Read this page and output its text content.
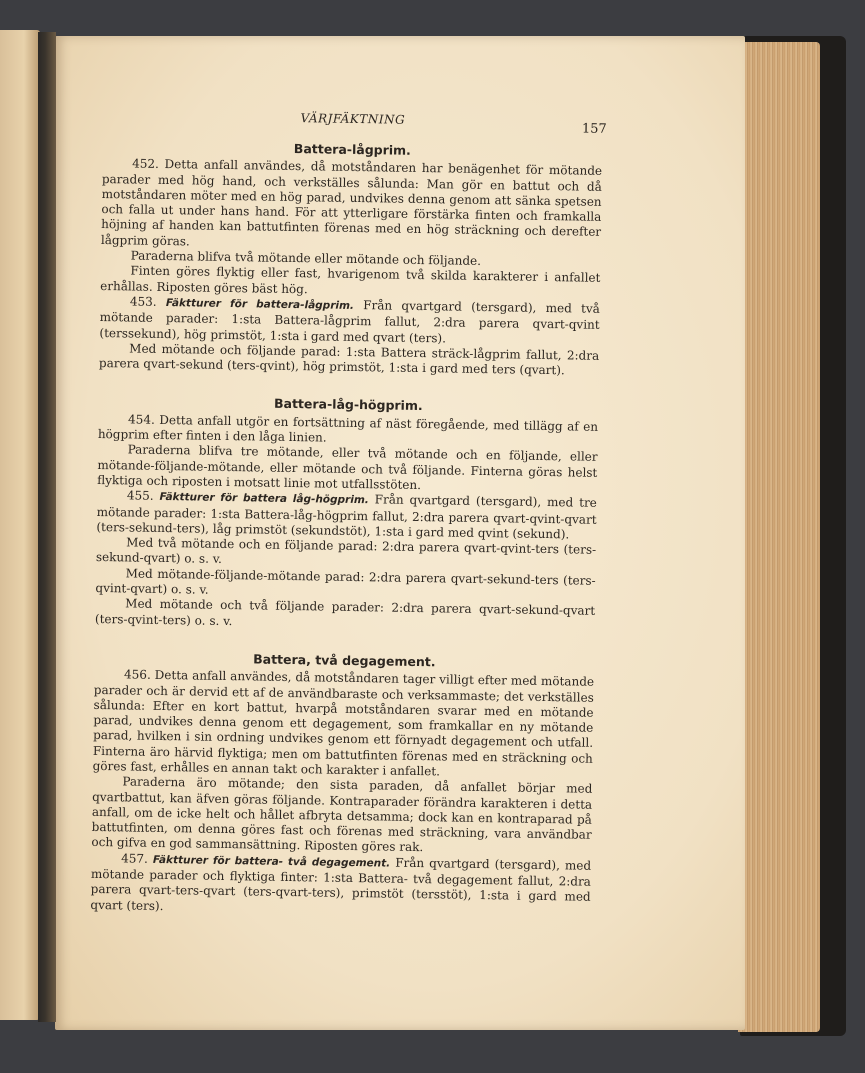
VÄRJFÄKTNING
157
Battera-lågprim.

452. Detta anfall användes, då motståndaren har benägenhet för mötande parader med hög hand, och verkställes sålunda: Man gör en battut och då motståndaren möter med en hög parad, undvikes denna genom att sänka spetsen och falla ut under hans hand. För att ytterligare förstärka finten och framkalla höjning af handen kan battutfinten förenas med en hög sträckning och derefter lågprim göras.

Paraderna blifva två mötande eller mötande och följande.

Finten göres flyktig eller fast, hvarigenom två skilda karakterer i anfallet erhållas. Riposten göres bäst hög.

453. Fäktturer för battera-lågprim. Från qvartgard (tersgard), med två mötande parader: 1:sta Battera-lågprim fallut, 2:dra parera qvart-qvint (terssekund), hög primstöt, 1:sta i gard med qvart (ters).

Med mötande och följande parad: 1:sta Battera sträck-lågprim fallut, 2:dra parera qvart-sekund (ters-qvint), hög primstöt, 1:sta i gard med ters (qvart).

Battera-låg-högprim.

454. Detta anfall utgör en fortsättning af näst föregående, med tillägg af en högprim efter finten i den låga linien.

Paraderna blifva tre mötande, eller två mötande och en följande, eller mötande-följande-mötande, eller mötande och två följande. Finterna göras helst flyktiga och riposten i motsatt linie mot utfallsstöten.

455. Fäktturer för battera låg-högprim. Från qvartgard (tersgard), med tre mötande parader: 1:sta Battera-låg-högprim fallut, 2:dra parera qvart-qvint-qvart (ters-sekund-ters), låg primstöt (sekundstöt), 1:sta i gard med qvint (sekund).

Med två mötande och en följande parad: 2:dra parera qvart-qvint-ters (ters-sekund-qvart) o. s. v.

Med mötande-följande-mötande parad: 2:dra parera qvart-sekund-ters (ters-qvint-qvart) o. s. v.

Med mötande och två följande parader: 2:dra parera qvart-sekund-qvart (ters-qvint-ters) o. s. v.

Battera, två degagement.

456. Detta anfall användes, då motståndaren tager villigt efter med mötande parader och är dervid ett af de användbaraste och verksammaste; det verkställes sålunda: Efter en kort battut, hvarpå motståndaren svarar med en mötande parad, undvikes denna genom ett degagement, som framkallar en ny mötande parad, hvilken i sin ordning undvikes genom ett förnyadt degagement och utfall. Finterna äro härvid flyktiga; men om battutfinten förenas med en sträckning och göres fast, erhålles en annan takt och karakter i anfallet.

Paraderna äro mötande; den sista paraden, då anfallet börjar med qvartbattut, kan äfven göras följande. Kontraparader förändra karakteren i detta anfall, om de icke helt och hållet afbryta detsamma; dock kan en kontraparad på battutfinten, om denna göres fast och förenas med sträckning, vara användbar och gifva en god sammansättning. Riposten göres rak.

457. Fäktturer för battera- två degagement. Från qvartgard (tersgard), med mötande parader och flyktiga finter: 1:sta Battera- två degagement fallut, 2:dra parera qvart-ters-qvart (ters-qvart-ters), primstöt (tersstöt), 1:sta i gard med qvart (ters).
